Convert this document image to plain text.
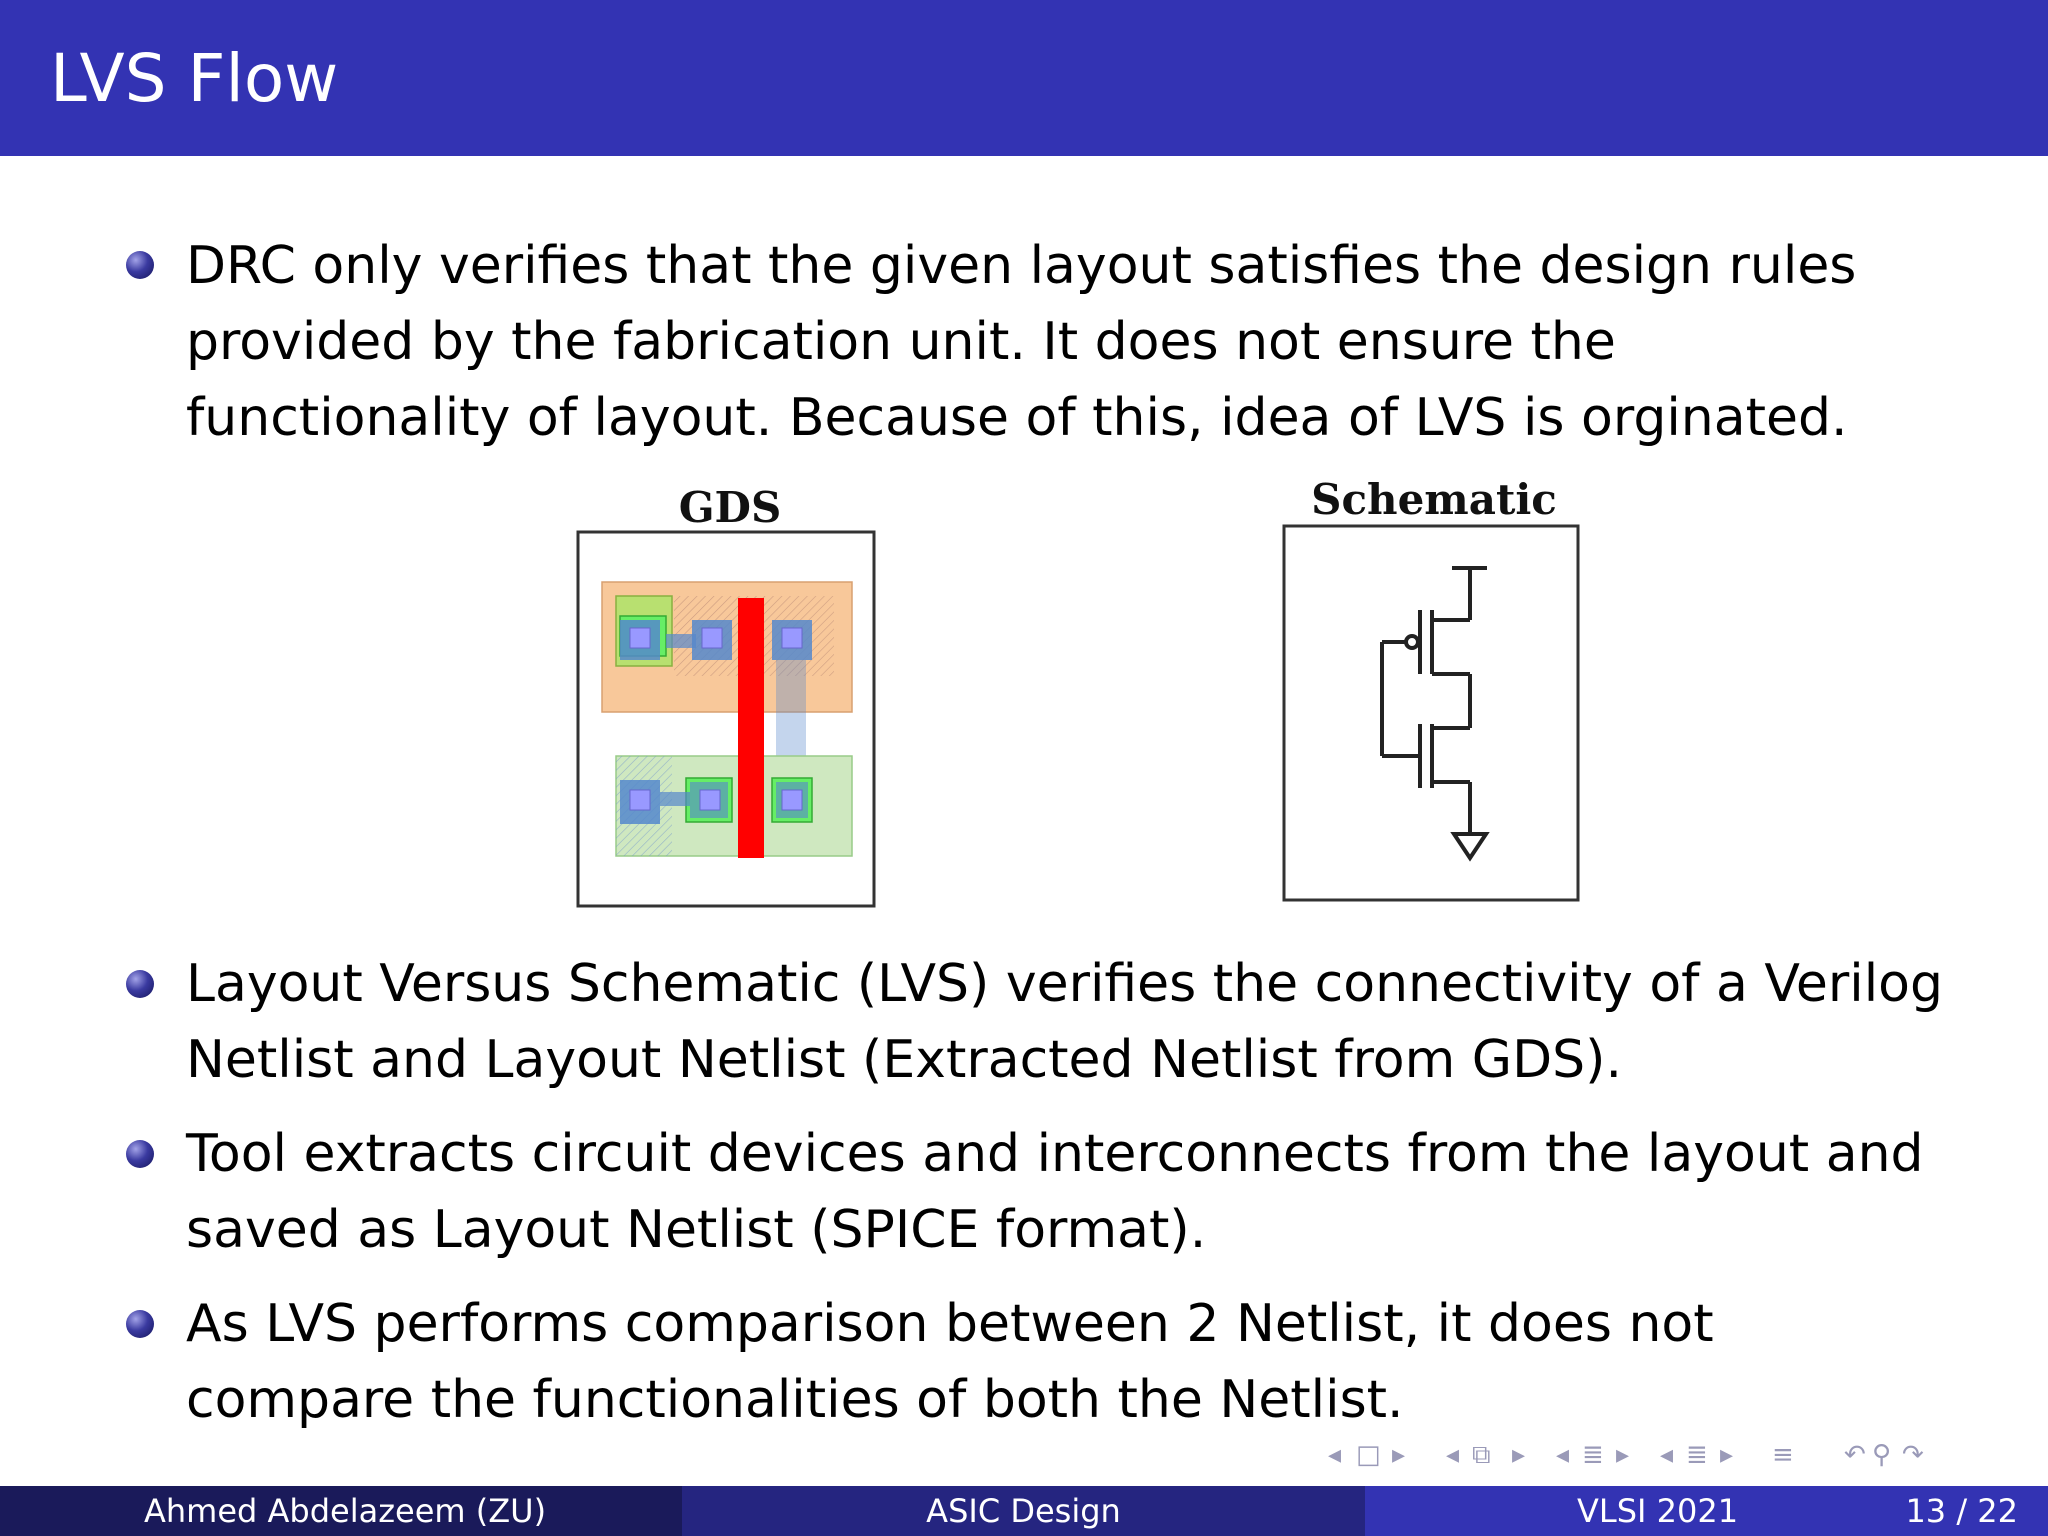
LVS Flow
DRC only verifies that the given layout satisfies the design rules provided by the fabrication unit. It does not ensure the functionality of layout. Because of this, idea of LVS is orginated.
GDS	Schematic
Layout Versus Schematic (LVS) verifies the connectivity of a Verilog Netlist and Layout Netlist (Extracted Netlist from GDS).
Tool extracts circuit devices and interconnects from the layout and saved as Layout Netlist (SPICE format).
As LVS performs comparison between 2 Netlist, it does not compare the functionalities of both the Netlist.
◂ □ ▸ ◂ ⧉ ▸ ◂ ≣ ▸ ◂ ≣ ▸ ≡ ↶ ⚲ ↷
Ahmed Abdelazeem (ZU)	ASIC Design	VLSI 2021	13 / 22
